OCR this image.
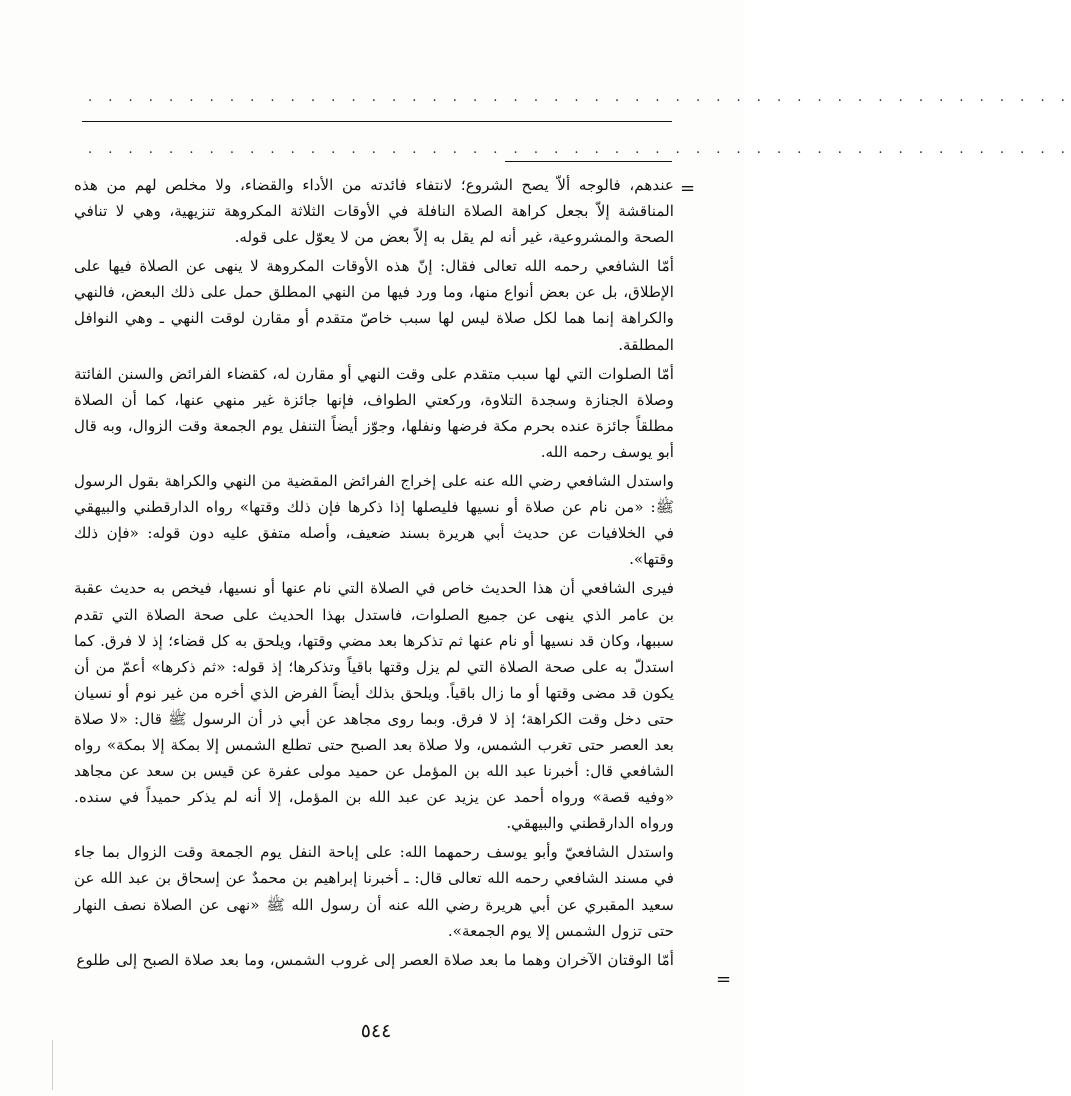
. . . . . . . . . . . . . . . . . . . . . . . . . . . . . . . . . . . . . . . . . . . . . . . . .
. . . . . . . . . . . . . . . . . . . . . . . . . . . . . . . . . . . . . . . . . . . . . . . . .
=

عندهم، فالوجه ألاّ يصح الشروع؛ لانتفاء فائدته من الأداء والقضاء، ولا مخلص لهم من هذه المناقشة إلاّ بجعل كراهة الصلاة النافلة في الأوقات الثلاثة المكروهة تنزيهية، وهي لا تنافي الصحة والمشروعية، غير أنه لم يقل به إلاّ بعض من لا يعوّل على قوله.

أمّا الشافعي رحمه الله تعالى فقال: إنّ هذه الأوقات المكروهة لا ينهى عن الصلاة فيها على الإطلاق، بل عن بعض أنواع منها، وما ورد فيها من النهي المطلق حمل على ذلك البعض، فالنهي والكراهة إنما هما لكل صلاة ليس لها سبب خاصّ متقدم أو مقارن لوقت النهي ـ وهي النوافل المطلقة.

أمّا الصلوات التي لها سبب متقدم على وقت النهي أو مقارن له، كقضاء الفرائض والسنن الفائتة وصلاة الجنازة وسجدة التلاوة، وركعتي الطواف، فإنها جائزة غير منهي عنها، كما أن الصلاة مطلقاً جائزة عنده بحرم مكة فرضها ونفلها، وجوّز أيضاً التنفل يوم الجمعة وقت الزوال، وبه قال أبو يوسف رحمه الله.

واستدل الشافعي رضي الله عنه على إخراج الفرائض المقضية من النهي والكراهة بقول الرسول ﷺ: «من نام عن صلاة أو نسيها فليصلها إذا ذكرها فإن ذلك وقتها» رواه الدارقطني والبيهقي في الخلافيات عن حديث أبي هريرة بسند ضعيف، وأصله متفق عليه دون قوله: «فإن ذلك وقتها».

فيرى الشافعي أن هذا الحديث خاص في الصلاة التي نام عنها أو نسيها، فيخص به حديث عقبة بن عامر الذي ينهى عن جميع الصلوات، فاستدل بهذا الحديث على صحة الصلاة التي تقدم سببها، وكان قد نسيها أو نام عنها ثم تذكرها بعد مضي وقتها، ويلحق به كل قضاء؛ إذ لا فرق. كما استدلّ به على صحة الصلاة التي لم يزل وقتها باقياً وتذكرها؛ إذ قوله: «ثم ذكرها» أعمّ من أن يكون قد مضى وقتها أو ما زال باقياً. ويلحق بذلك أيضاً الفرض الذي أخره من غير نوم أو نسيان حتى دخل وقت الكراهة؛ إذ لا فرق. وبما روى مجاهد عن أبي ذر أن الرسول ﷺ قال: «لا صلاة بعد العصر حتى تغرب الشمس، ولا صلاة بعد الصبح حتى تطلع الشمس إلا بمكة إلا بمكة» رواه الشافعي قال: أخبرنا عبد الله بن المؤمل عن حميد مولى عفرة عن قيس بن سعد عن مجاهد «وفيه قصة» ورواه أحمد عن يزيد عن عبد الله بن المؤمل، إلا أنه لم يذكر حميداً في سنده. ورواه الدارقطني والبيهقي.

واستدل الشافعيّ وأبو يوسف رحمهما الله: على إباحة النفل يوم الجمعة وقت الزوال بما جاء في مسند الشافعي رحمه الله تعالى قال: ـ أخبرنا إبراهيم بن محمدٌ عن إسحاق بن عبد الله عن سعيد المقبري عن أبي هريرة رضي الله عنه أن رسول الله ﷺ «نهى عن الصلاة نصف النهار حتى تزول الشمس إلا يوم الجمعة».

أمّا الوقتان الآخران وهما ما بعد صلاة العصر إلى غروب الشمس، وما بعد صلاة الصبح إلى طلوع

=
٥٤٤
